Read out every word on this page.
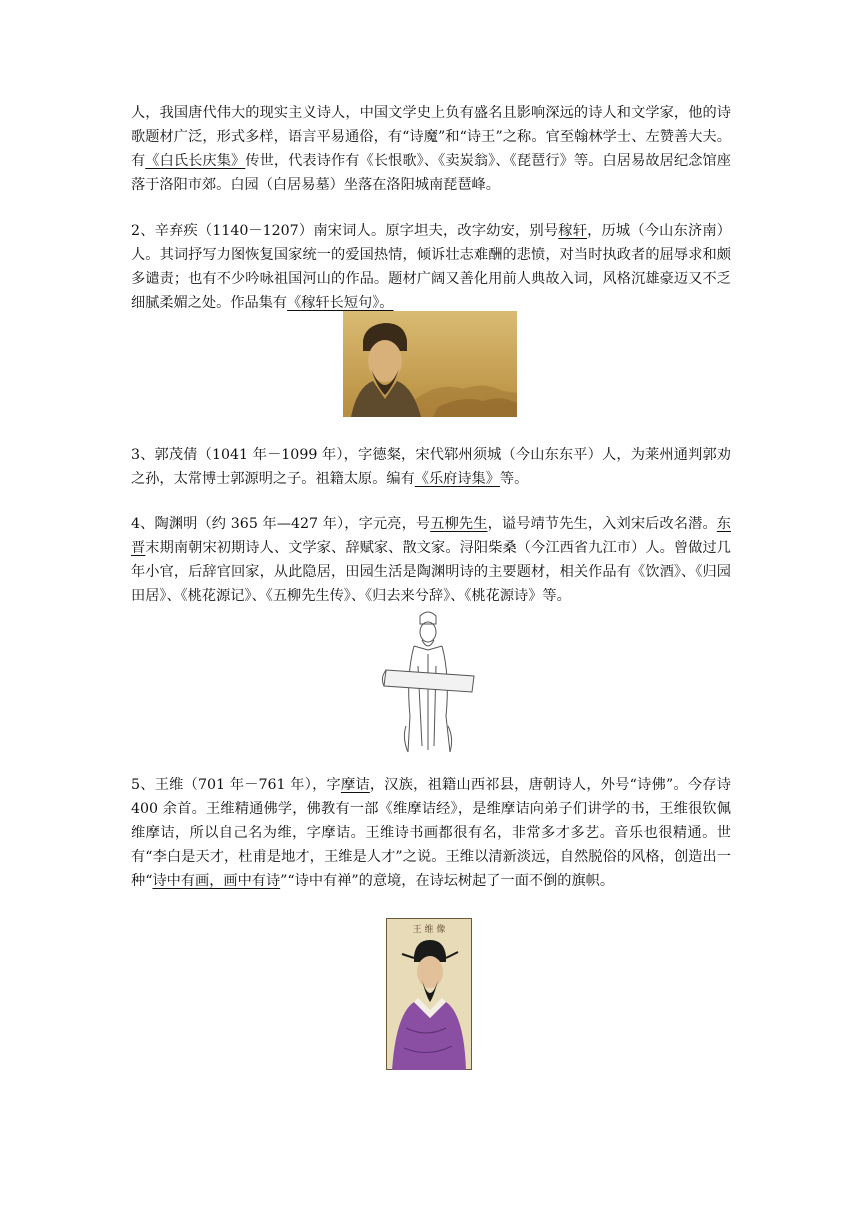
人，我国唐代伟大的现实主义诗人，中国文学史上负有盛名且影响深远的诗人和文学家，他的诗歌题材广泛，形式多样，语言平易通俗，有“诗魔”和“诗王”之称。官至翰林学士、左赞善大夫。有《白氏长庆集》传世，代表诗作有《长恨歌》、《卖炭翁》、《琵琶行》等。白居易故居纪念馆座落于洛阳市郊。白园（白居易墓）坐落在洛阳城南琵琶峰。

2、辛弃疾（1140－1207）南宋词人。原字坦夫，改字幼安，别号稼轩，历城（今山东济南）人。其词抒写力图恢复国家统一的爱国热情，倾诉壮志难酬的悲愤，对当时执政者的屈辱求和颇多谴责；也有不少吟咏祖国河山的作品。题材广阔又善化用前人典故入词，风格沉雄豪迈又不乏细腻柔媚之处。作品集有《稼轩长短句》。

3、郭茂倩（1041 年－1099 年），字德粲，宋代郓州须城（今山东东平）人，为莱州通判郭劝之孙，太常博士郭源明之子。祖籍太原。编有《乐府诗集》等。

4、陶渊明（约 365 年—427 年），字元亮，号五柳先生，谥号靖节先生，入刘宋后改名潜。东晋末期南朝宋初期诗人、文学家、辞赋家、散文家。浔阳柴桑（今江西省九江市）人。曾做过几年小官，后辞官回家，从此隐居，田园生活是陶渊明诗的主要题材，相关作品有《饮酒》、《归园田居》、《桃花源记》、《五柳先生传》、《归去来兮辞》、《桃花源诗》等。

5、王维（701 年－761 年），字摩诘，汉族，祖籍山西祁县，唐朝诗人，外号“诗佛”。今存诗 400 余首。王维精通佛学，佛教有一部《维摩诘经》，是维摩诘向弟子们讲学的书，王维很钦佩维摩诘，所以自己名为维，字摩诘。王维诗书画都很有名，非常多才多艺。音乐也很精通。世有“李白是天才，杜甫是地才，王维是人才”之说。王维以清新淡远，自然脱俗的风格，创造出一种“诗中有画，画中有诗”“诗中有禅”的意境，在诗坛树起了一面不倒的旗帜。

王 维 像
